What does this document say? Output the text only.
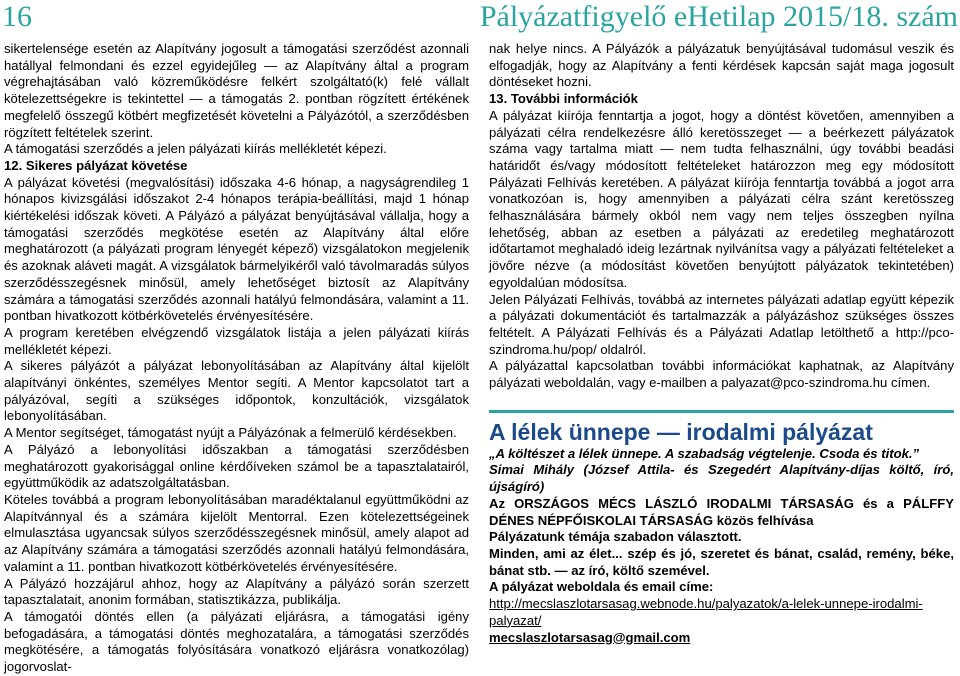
16	Pályázatfigyelő eHetilap 2015/18. szám

sikertelensége esetén az Alapítvány jogosult a támogatási szerződést azonnali hatállyal felmondani és ezzel egyidejűleg — az Alapítvány által a program végrehajtásában való közreműködésre felkért szolgáltató(k) felé vállalt kötelezettségekre is tekintettel — a támogatás 2. pontban rögzített értékének megfelelő összegű kötbért megfizetését követelni a Pályázótól, a szerződésben rögzített feltételek szerint.

A támogatási szerződés a jelen pályázati kiírás mellékletét képezi.

12. Sikeres pályázat követése

A pályázat követési (megvalósítási) időszaka 4-6 hónap, a nagyságrendileg 1 hónapos kivizsgálási időszakot 2-4 hónapos terápia-beállítási, majd 1 hónap kiértékelési időszak követi. A Pályázó a pályázat benyújtásával vállalja, hogy a támogatási szerződés megkötése esetén az Alapítvány által előre meghatározott (a pályázati program lényegét képező) vizsgálatokon megjelenik és azoknak aláveti magát. A vizsgálatok bármelyikéről való távolmaradás súlyos szerződésszegésnek minősül, amely lehetőséget biztosít az Alapítvány számára a támogatási szerződés azonnali hatályú felmondására, valamint a 11. pontban hivatkozott kötbérkövetelés érvényesítésére.

A program keretében elvégzendő vizsgálatok listája a jelen pályázati kiírás mellékletét képezi.

A sikeres pályázót a pályázat lebonyolításában az Alapítvány által kijelölt alapítványi önkéntes, személyes Mentor segíti. A Mentor kapcsolatot tart a pályázóval, segíti a szükséges időpontok, konzultációk, vizsgálatok lebonyolításában.

A Mentor segítséget, támogatást nyújt a Pályázónak a felmerülő kérdésekben.

A Pályázó a lebonyolítási időszakban a támogatási szerződésben meghatározott gyakorisággal online kérdőíveken számol be a tapasztalatairól, együttműködik az adatszolgáltatásban.

Köteles továbbá a program lebonyolításában maradéktalanul együttműködni az Alapítvánnyal és a számára kijelölt Mentorral. Ezen kötelezettségeinek elmulasztása ugyancsak súlyos szerződésszegésnek minősül, amely alapot ad az Alapítvány számára a támogatási szerződés azonnali hatályú felmondására, valamint a 11. pontban hivatkozott kötbérkövetelés érvényesítésére.

A Pályázó hozzájárul ahhoz, hogy az Alapítvány a pályázó során szerzett tapasztalatait, anonim formában, statisztikázza, publikálja.

A támogatói döntés ellen (a pályázati eljárásra, a támogatási igény befogadására, a támogatási döntés meghozatalára, a támogatási szerződés megkötésére, a támogatás folyósítására vonatkozó eljárásra vonatkozólag) jogorvoslat-

nak helye nincs. A Pályázók a pályázatuk benyújtásával tudomásul veszik és elfogadják, hogy az Alapítvány a fenti kérdések kapcsán saját maga jogosult döntéseket hozni.

13. További információk

A pályázat kiírója fenntartja a jogot, hogy a döntést követően, amennyiben a pályázati célra rendelkezésre álló keretösszeget — a beérkezett pályázatok száma vagy tartalma miatt — nem tudta felhasználni, úgy további beadási határidőt és/vagy módosított feltételeket határozzon meg egy módosított Pályázati Felhívás keretében. A pályázat kiírója fenntartja továbbá a jogot arra vonatkozóan is, hogy amennyiben a pályázati célra szánt keretösszeg felhasználására bármely okból nem vagy nem teljes összegben nyílna lehetőség, abban az esetben a pályázati az eredetileg meghatározott időtartamot meghaladó ideig lezártnak nyilvánítsa vagy a pályázati feltételeket a jövőre nézve (a módosítást követően benyújtott pályázatok tekintetében) egyoldalúan módosítsa.

Jelen Pályázati Felhívás, továbbá az internetes pályázati adatlap együtt képezik a pályázati dokumentációt és tartalmazzák a pályázáshoz szükséges összes feltételt. A Pályázati Felhívás és a Pályázati Adatlap letölthető a http://pco-szindroma.hu/pop/ oldalról.

A pályázattal kapcsolatban további információkat kaphatnak, az Alapítvány pályázati weboldalán, vagy e-mailben a palyazat@pco-szindroma.hu címen.

A lélek ünnepe — irodalmi pályázat

„A költészet a lélek ünnepe. A szabadság végtelenje. Csoda és titok.”

Simai Mihály (József Attila- és Szegedért Alapítvány-díjas költő, író, újságíró)

Az ORSZÁGOS MÉCS LÁSZLÓ IRODALMI TÁRSASÁG és a PÁLFFY DÉNES NÉPFŐISKOLAI TÁRSASÁG közös felhívása

Pályázatunk témája szabadon választott.

Minden, ami az élet... szép és jó, szeretet és bánat, család, remény, béke, bánat stb. — az író, költő szemével.

A pályázat weboldala és email címe:

http://mecslaszlotarsasag.webnode.hu/palyazatok/a-lelek-unnepe-irodalmi-palyazat/

mecslaszlotarsasag@gmail.com
